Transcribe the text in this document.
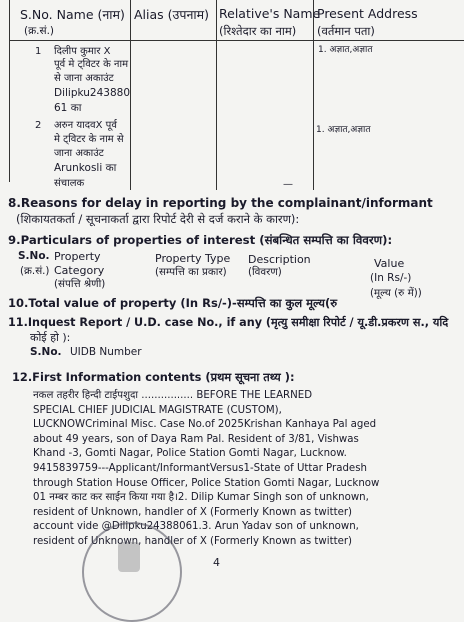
S.No. Name (नाम)
(क्र.सं.)
Alias (उपनाम) Relative's Name
(रिश्तेदार का नाम)
Present Address
(वर्तमान पता)
1 दिलीप कुमार X
पूर्व मे ट्विटर के नाम
से जाना अकाउंट
Dilipku243880
61 का
1. अज्ञात,अज्ञात
2 अरुन यादवX पूर्व
मे ट्विटर के नाम से
जाना अकाउंट
Arunkosli का
संचालक
1. अज्ञात,अज्ञात
—
8.Reasons for delay in reporting by the complainant/informant
(शिकायतकर्ता / सूचनाकर्ता द्वारा रिपोर्ट देरी से दर्ज कराने के कारण):
9.Particulars of properties of interest (संबन्धित सम्पत्ति का विवरण):
S.No.
(क्र.सं.)
Property
Category
(संपत्ति श्रेणी)
Property Type
(सम्पत्ति का प्रकार)
Description
(विवरण)
Value
(In Rs/-)
(मूल्य (रु में))
10.Total value of property (In Rs/-)-सम्पत्ति का कुल मूल्य(रु
11.Inquest Report / U.D. case No., if any (मृत्यु समीक्षा रिपोर्ट / यू.डी.प्रकरण स., यदि
कोई हो ):
S.No. UIDB Number
12.First Information contents (प्रथम सूचना तथ्य ):
नकल तहरीर हिन्दी टाईपशुदा ................ BEFORE THE LEARNED
SPECIAL CHIEF JUDICIAL MAGISTRATE (CUSTOM),
LUCKNOWCriminal Misc. Case No.of 2025Krishan Kanhaya Pal aged
about 49 years, son of Daya Ram Pal. Resident of 3/81, Vishwas
Khand -3, Gomti Nagar, Police Station Gomti Nagar, Lucknow.
9415839759---Applicant/InformantVersus1-State of Uttar Pradesh
through Station House Officer, Police Station Gomti Nagar, Lucknow
01 नम्बर काट कर साईन किया गया है।2. Dilip Kumar Singh son of unknown,
resident of Unknown, handler of X (Formerly Known as twitter)
account vide @Dilipku24388061.3. Arun Yadav son of unknown,
resident of Unknown, handler of X (Formerly Known as twitter)
4
